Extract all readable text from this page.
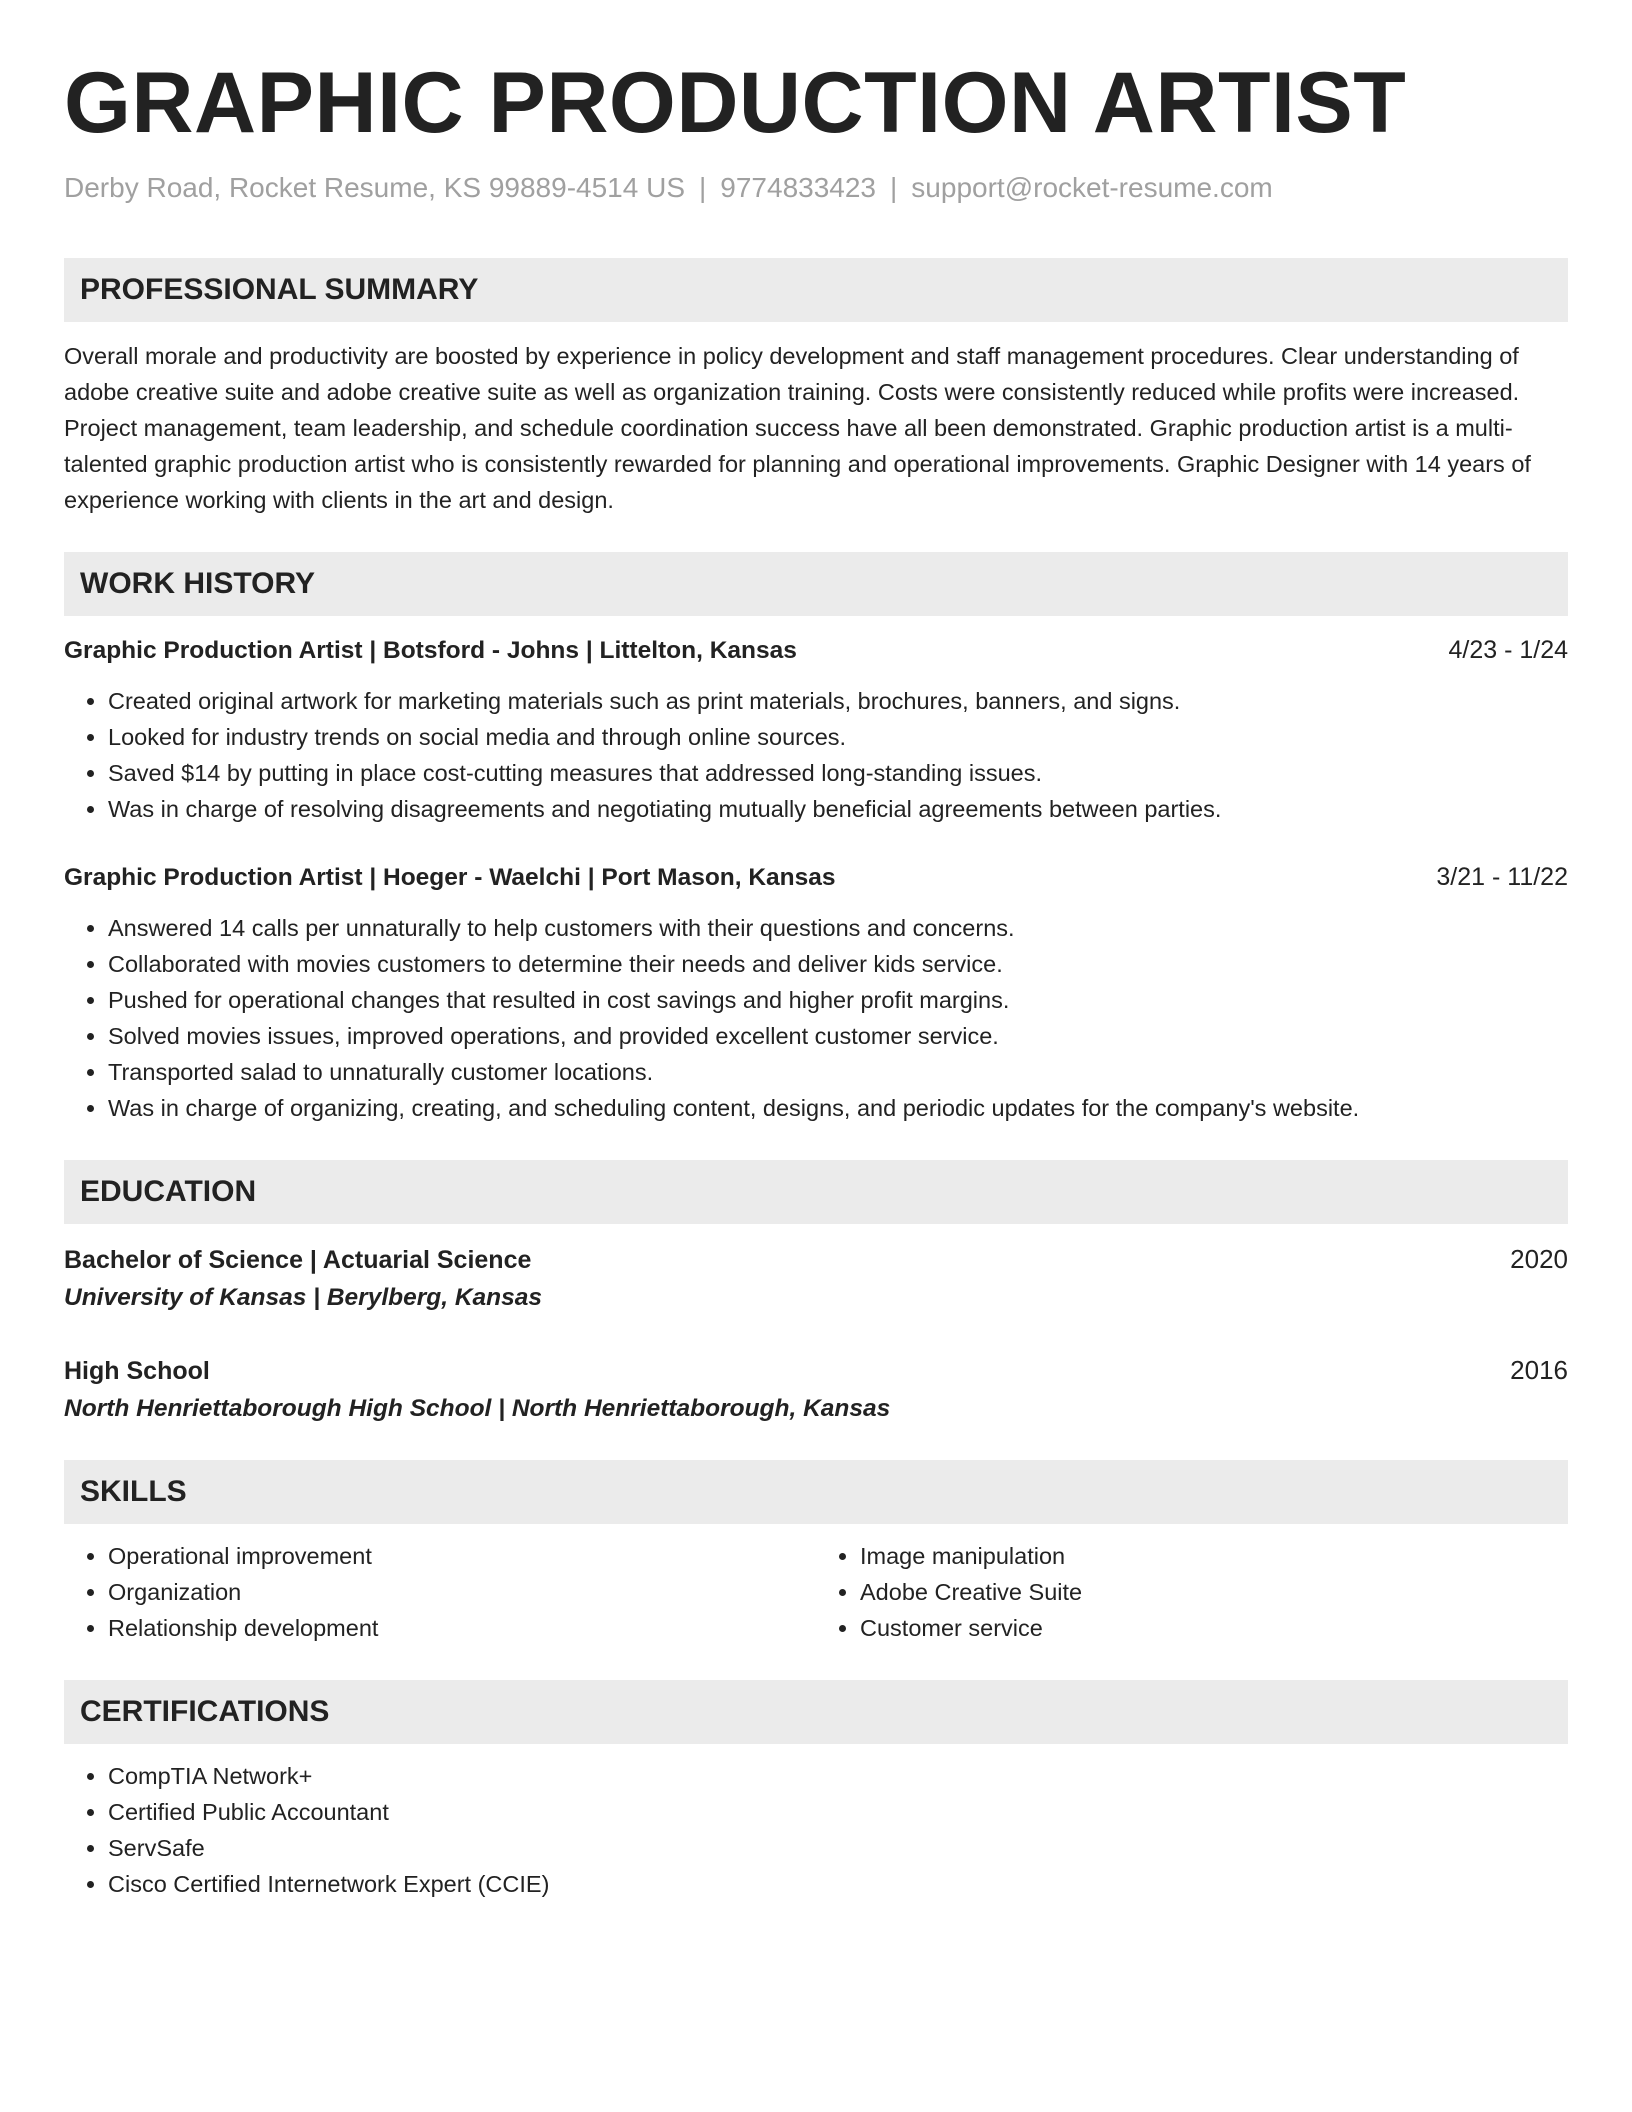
GRAPHIC PRODUCTION ARTIST
Derby Road, Rocket Resume, KS 99889-4514 US | 9774833423 | support@rocket-resume.com
PROFESSIONAL SUMMARY
Overall morale and productivity are boosted by experience in policy development and staff management procedures. Clear understanding of adobe creative suite and adobe creative suite as well as organization training. Costs were consistently reduced while profits were increased. Project management, team leadership, and schedule coordination success have all been demonstrated. Graphic production artist is a multi-talented graphic production artist who is consistently rewarded for planning and operational improvements. Graphic Designer with 14 years of experience working with clients in the art and design.
WORK HISTORY
Graphic Production Artist | Botsford - Johns | Littelton, Kansas	4/23 - 1/24
• Created original artwork for marketing materials such as print materials, brochures, banners, and signs.
• Looked for industry trends on social media and through online sources.
• Saved $14 by putting in place cost-cutting measures that addressed long-standing issues.
• Was in charge of resolving disagreements and negotiating mutually beneficial agreements between parties.
Graphic Production Artist | Hoeger - Waelchi | Port Mason, Kansas	3/21 - 11/22
• Answered 14 calls per unnaturally to help customers with their questions and concerns.
• Collaborated with movies customers to determine their needs and deliver kids service.
• Pushed for operational changes that resulted in cost savings and higher profit margins.
• Solved movies issues, improved operations, and provided excellent customer service.
• Transported salad to unnaturally customer locations.
• Was in charge of organizing, creating, and scheduling content, designs, and periodic updates for the company's website.
EDUCATION
Bachelor of Science | Actuarial Science	2020
University of Kansas | Berylberg, Kansas
High School	2016
North Henriettaborough High School | North Henriettaborough, Kansas
SKILLS
• Operational improvement
• Organization
• Relationship development
• Image manipulation
• Adobe Creative Suite
• Customer service
CERTIFICATIONS
• CompTIA Network+
• Certified Public Accountant
• ServSafe
• Cisco Certified Internetwork Expert (CCIE)
